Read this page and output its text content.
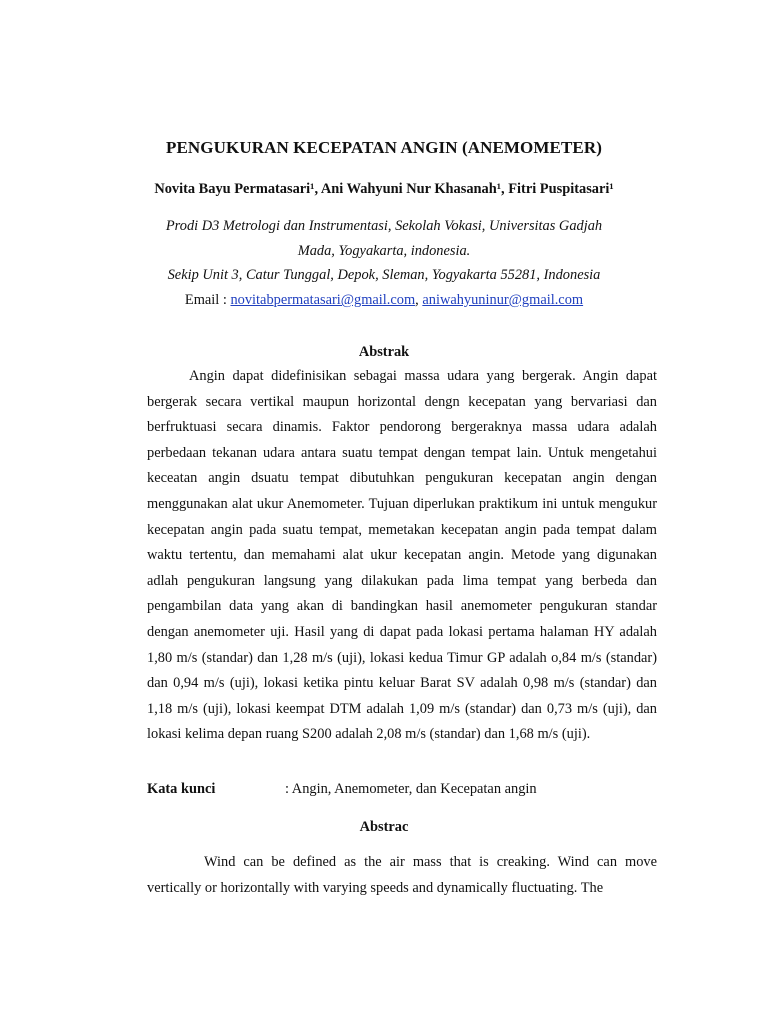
PENGUKURAN KECEPATAN ANGIN (ANEMOMETER)
Novita Bayu Permatasari¹, Ani Wahyuni Nur Khasanah¹, Fitri Puspitasari¹
Prodi D3 Metrologi dan Instrumentasi, Sekolah Vokasi, Universitas Gadjah
Mada, Yogyakarta, indonesia.
Sekip Unit 3, Catur Tunggal, Depok, Sleman, Yogyakarta 55281, Indonesia
Email : novitabpermatasari@gmail.com, aniwahyuninur@gmail.com
Abstrak

Angin dapat didefinisikan sebagai massa udara yang bergerak. Angin dapat bergerak secara vertikal maupun horizontal dengn kecepatan yang bervariasi dan berfruktuasi secara dinamis. Faktor pendorong bergeraknya massa udara adalah perbedaan tekanan udara antara suatu tempat dengan tempat lain. Untuk mengetahui keceatan angin dsuatu tempat dibutuhkan pengukuran kecepatan angin dengan menggunakan alat ukur Anemometer. Tujuan diperlukan praktikum ini untuk mengukur kecepatan angin pada suatu tempat, memetakan kecepatan angin pada tempat dalam waktu tertentu, dan memahami alat ukur kecepatan angin. Metode yang digunakan adlah pengukuran langsung yang dilakukan pada lima tempat yang berbeda dan pengambilan data yang akan di bandingkan hasil anemometer pengukuran standar dengan anemometer uji. Hasil yang di dapat pada lokasi pertama halaman HY adalah 1,80 m/s (standar) dan 1,28 m/s (uji), lokasi kedua Timur GP adalah o,84 m/s (standar) dan 0,94 m/s (uji), lokasi ketika pintu keluar Barat SV adalah 0,98 m/s (standar) dan 1,18 m/s (uji), lokasi keempat DTM adalah 1,09 m/s (standar) dan 0,73 m/s (uji), dan lokasi kelima depan ruang S200 adalah 2,08 m/s (standar) dan 1,68 m/s (uji).

Kata kunci	: Angin, Anemometer, dan Kecepatan angin
Abstrac

Wind can be defined as the air mass that is creaking. Wind can move vertically or horizontally with varying speeds and dynamically fluctuating. The
